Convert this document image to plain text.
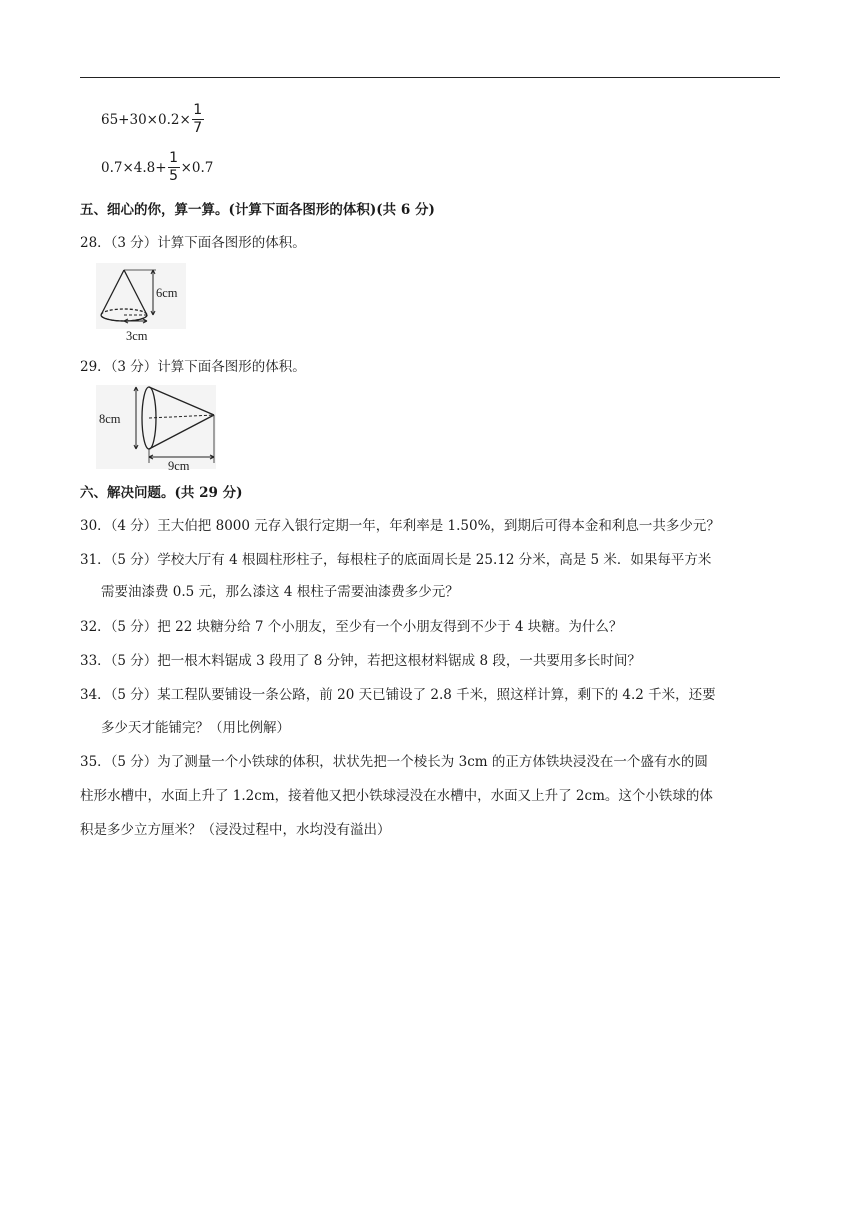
$65+30\times 0.2\times \frac{1}{7}$
$0.7\times 4.8+ \frac{1}{5} \times 0.7$
五、细心的你，算一算。(计算下面各图形的体积)(共 6 分)
28．（3 分）计算下面各图形的体积。
6cm
3cm
29．（3 分）计算下面各图形的体积。
8cm
9cm
六、解决问题。(共 29 分)
30．（4 分）王大伯把 8000 元存入银行定期一年，年利率是 1.50%，到期后可得本金和利息一共多少元？
31．（5 分）学校大厅有 4 根圆柱形柱子，每根柱子的底面周长是 25.12 分米，高是 5 米．如果每平方米
需要油漆费 0.5 元，那么漆这 4 根柱子需要油漆费多少元？
32．（5 分）把 22 块糖分给 7 个小朋友，至少有一个小朋友得到不少于 4 块糖。为什么？
33．（5 分）把一根木料锯成 3 段用了 8 分钟，若把这根材料锯成 8 段，一共要用多长时间？
34．（5 分）某工程队要铺设一条公路，前 20 天已铺设了 2.8 千米，照这样计算，剩下的 4.2 千米，还要
多少天才能铺完？（用比例解）
35．（5 分）为了测量一个小铁球的体积，状状先把一个棱长为 3cm 的正方体铁块浸没在一个盛有水的圆
柱形水槽中，水面上升了 1.2cm，接着他又把小铁球浸没在水槽中，水面又上升了 2cm。这个小铁球的体
积是多少立方厘米？（浸没过程中，水均没有溢出）
